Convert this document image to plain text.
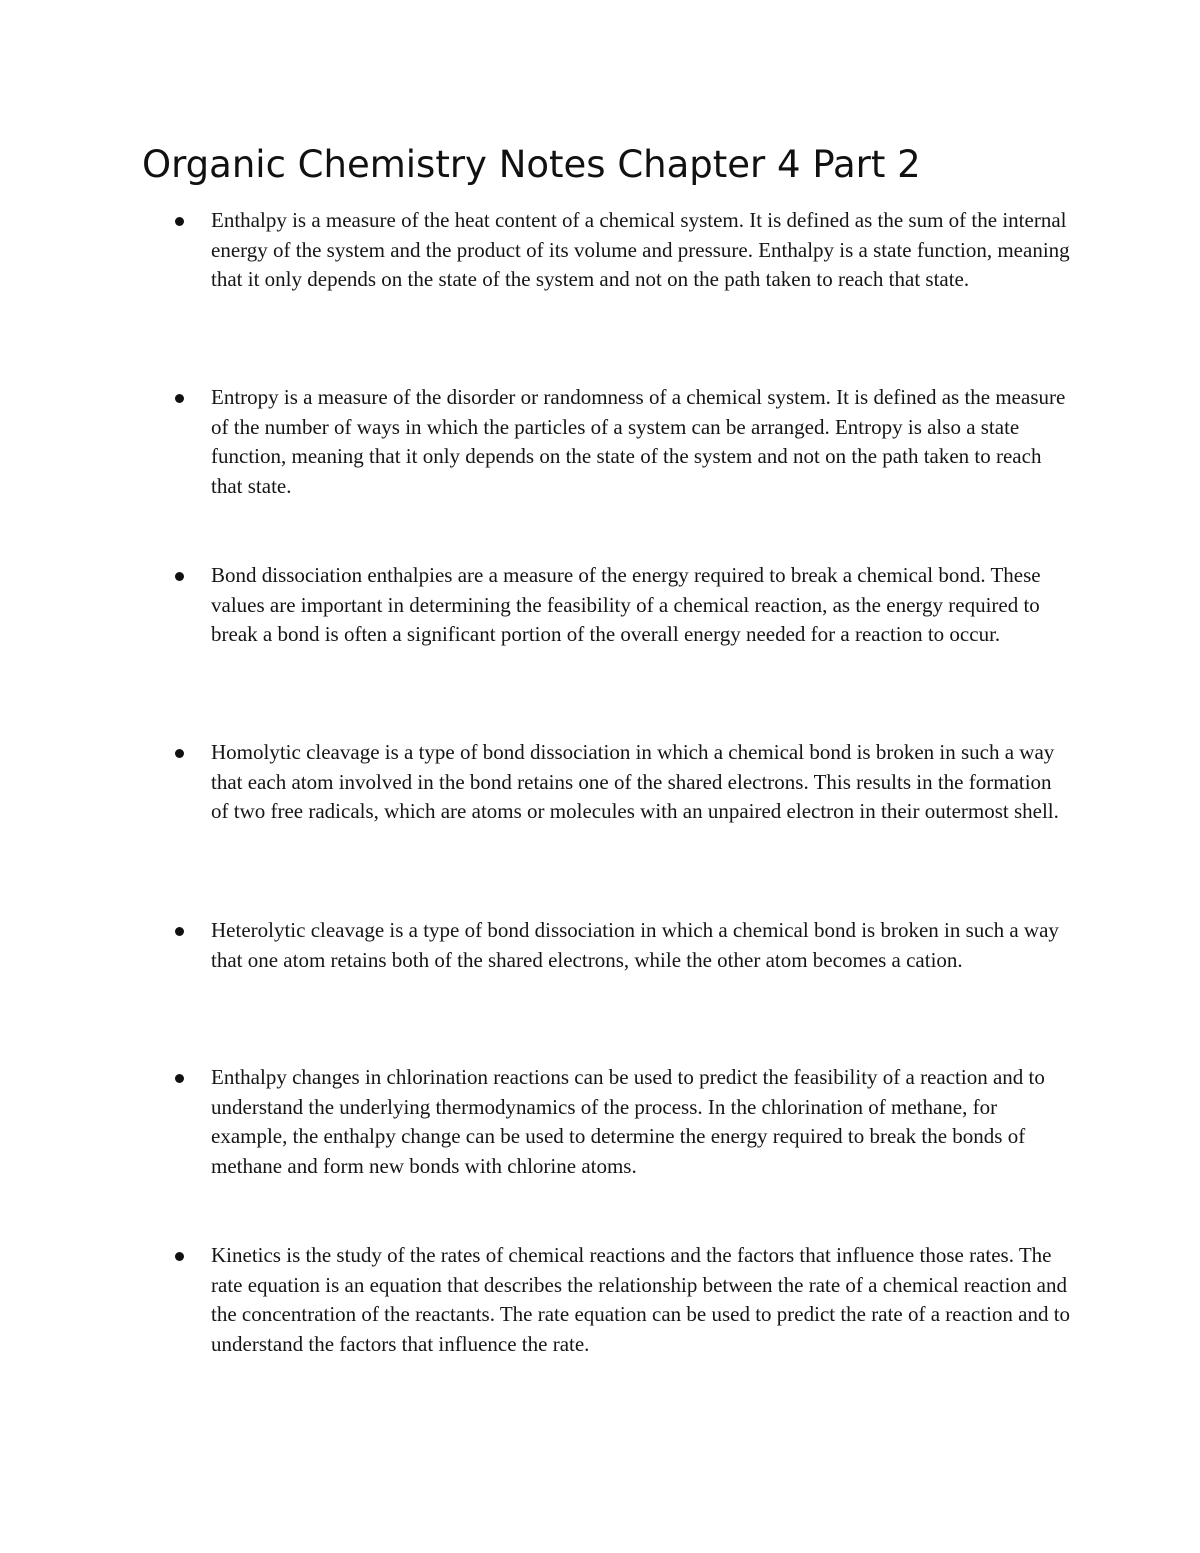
Organic Chemistry Notes Chapter 4 Part 2

Enthalpy is a measure of the heat content of a chemical system. It is defined as the sum of the internal energy of the system and the product of its volume and pressure. Enthalpy is a state function, meaning that it only depends on the state of the system and not on the path taken to reach that state.

Entropy is a measure of the disorder or randomness of a chemical system. It is defined as the measure of the number of ways in which the particles of a system can be arranged. Entropy is also a state function, meaning that it only depends on the state of the system and not on the path taken to reach that state.

Bond dissociation enthalpies are a measure of the energy required to break a chemical bond. These values are important in determining the feasibility of a chemical reaction, as the energy required to break a bond is often a significant portion of the overall energy needed for a reaction to occur.

Homolytic cleavage is a type of bond dissociation in which a chemical bond is broken in such a way that each atom involved in the bond retains one of the shared electrons. This results in the formation of two free radicals, which are atoms or molecules with an unpaired electron in their outermost shell.

Heterolytic cleavage is a type of bond dissociation in which a chemical bond is broken in such a way that one atom retains both of the shared electrons, while the other atom becomes a cation.

Enthalpy changes in chlorination reactions can be used to predict the feasibility of a reaction and to understand the underlying thermodynamics of the process. In the chlorination of methane, for example, the enthalpy change can be used to determine the energy required to break the bonds of methane and form new bonds with chlorine atoms.

Kinetics is the study of the rates of chemical reactions and the factors that influence those rates. The rate equation is an equation that describes the relationship between the rate of a chemical reaction and the concentration of the reactants. The rate equation can be used to predict the rate of a reaction and to understand the factors that influence the rate.
